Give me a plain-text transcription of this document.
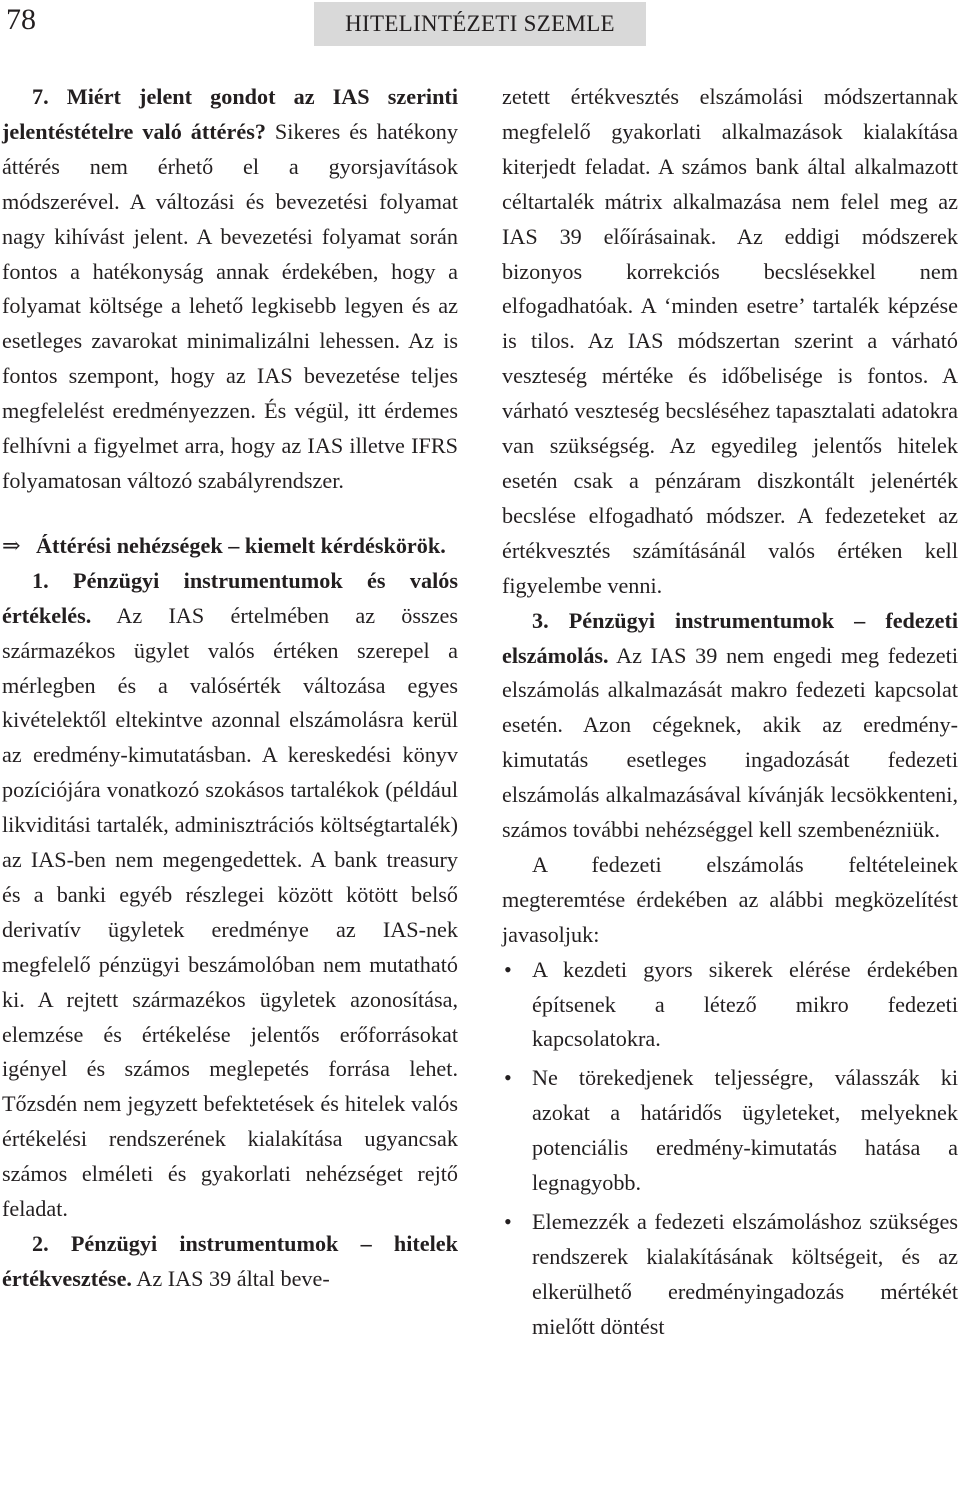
78	HITELINTÉZETI SZEMLE

7. Miért jelent gondot az IAS szerinti jelentéstételre való áttérés? Sikeres és hatékony áttérés nem érhető el a gyorsjavítások módszerével. A változási és bevezetési folyamat nagy kihívást jelent. A bevezetési folyamat során fontos a hatékonyság annak érdekében, hogy a folyamat költsége a lehető legkisebb legyen és az esetleges zavarokat minimalizálni lehessen. Az is fontos szempont, hogy az IAS bevezetése teljes megfelelést eredményezzen. És végül, itt érdemes felhívni a figyelmet arra, hogy az IAS illetve IFRS folyamatosan változó szabályrendszer.

⇒ Áttérési nehézségek – kiemelt kérdéskörök.

1. Pénzügyi instrumentumok és valós értékelés. Az IAS értelmében az összes származékos ügylet valós értéken szerepel a mérlegben és a valósérték változása egyes kivételektől eltekintve azonnal elszámolásra kerül az eredmény-kimutatásban. A kereskedési könyv pozíciójára vonatkozó szokásos tartalékok (például likviditási tartalék, adminisztrációs költségtartalék) az IAS-ben nem megengedettek. A bank treasury és a banki egyéb részlegei között kötött belső derivatív ügyletek eredménye az IAS-nek megfelelő pénzügyi beszámolóban nem mutatható ki. A rejtett származékos ügyletek azonosítása, elemzése és értékelése jelentős erőforrásokat igényel és számos meglepetés forrása lehet. Tőzsdén nem jegyzett befektetések és hitelek valós értékelési rendszerének kialakítása ugyancsak számos elméleti és gyakorlati nehézséget rejtő feladat.

2. Pénzügyi instrumentumok – hitelek értékvesztése. Az IAS 39 által beve-

zetett értékvesztés elszámolási módszertannak megfelelő gyakorlati alkalmazások kialakítása kiterjedt feladat. A számos bank által alkalmazott céltartalék mátrix alkalmazása nem felel meg az IAS 39 előírásainak. Az eddigi módszerek bizonyos korrekciós becslésekkel nem elfogadhatóak. A ‘minden esetre’ tartalék képzése is tilos. Az IAS módszertan szerint a várható veszteség mértéke és időbelisége is fontos. A várható veszteség becsléséhez tapasztalati adatokra van szükségség. Az egyedileg jelentős hitelek esetén csak a pénzáram diszkontált jelenérték becslése elfogadható módszer. A fedezeteket az értékvesztés számításánál valós értéken kell figyelembe venni.

3. Pénzügyi instrumentumok – fedezeti elszámolás. Az IAS 39 nem engedi meg fedezeti elszámolás alkalmazását makro fedezeti kapcsolat esetén. Azon cégeknek, akik az eredmény-kimutatás esetleges ingadozását fedezeti elszámolás alkalmazásával kívánják lecsökkenteni, számos további nehézséggel kell szembenézniük.

A fedezeti elszámolás feltételeinek megteremtése érdekében az alábbi megközelítést javasoljuk:

• A kezdeti gyors sikerek elérése érdekében építsenek a létező mikro fedezeti kapcsolatokra.
• Ne törekedjenek teljességre, válasszák ki azokat a határidős ügyleteket, melyeknek potenciális eredmény-kimutatás hatása a legnagyobb.
• Elemezzék a fedezeti elszámoláshoz szükséges rendszerek kialakításának költségeit, és az elkerülhető eredményingadozás mértékét mielőtt döntést
